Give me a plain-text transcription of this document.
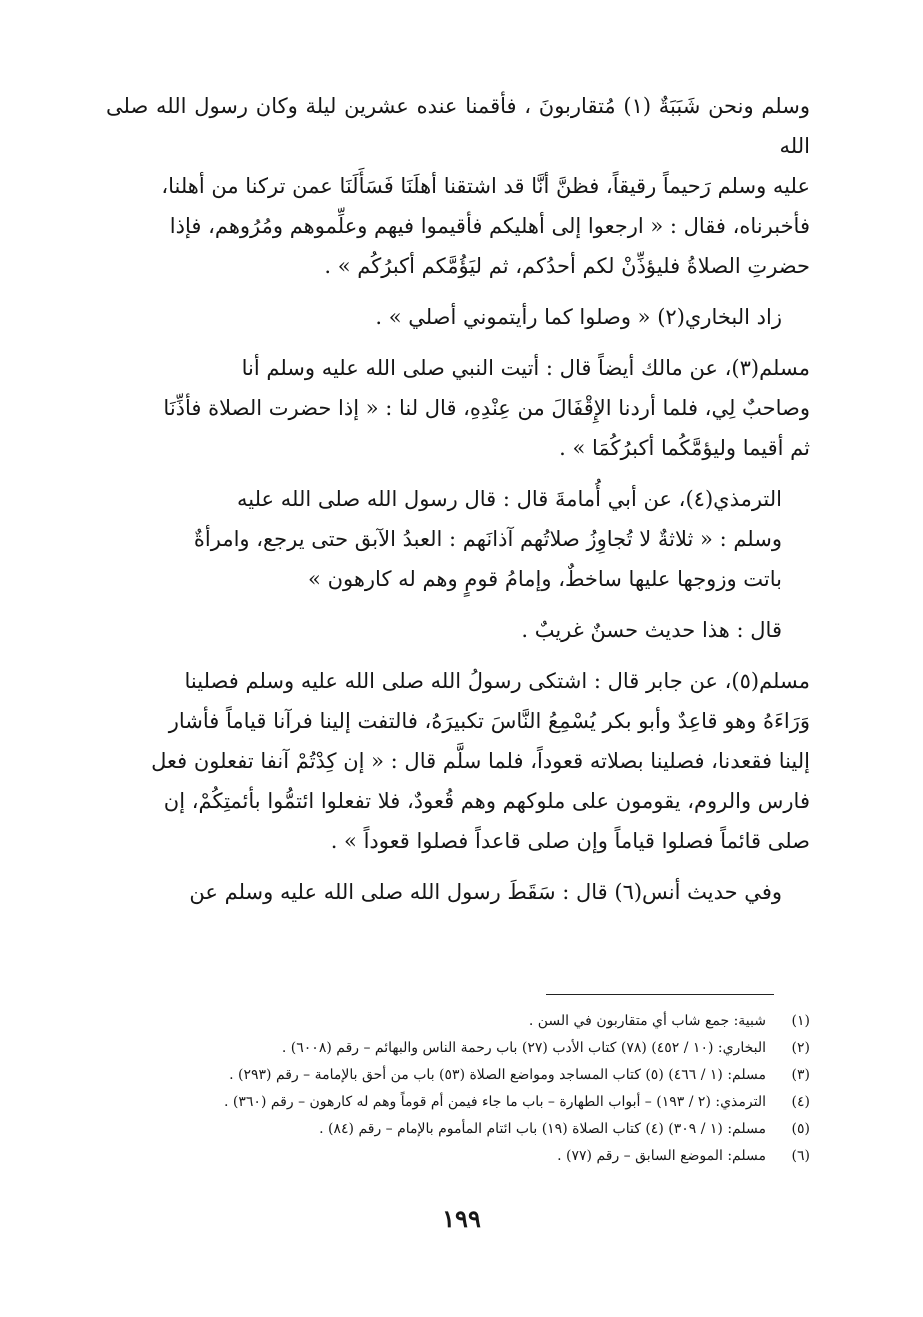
وسلم ونحن شَبَبَةٌ (١) مُتقاربونَ ، فأقمنا عنده عشرين ليلة وكان رسول الله صلى الله
عليه وسلم رَحيماً رقيقاً، فظنَّ أنَّا قد اشتقنا أهلَنَا فَسَأَلَنَا عمن تركنا من أهلنا،
فأخبرناه، فقال : « ارجعوا إلى أهليكم فأقيموا فيهم وعلِّموهم ومُرُوهم، فإذا
حضرتِ الصلاةُ فليؤذِّنْ لكم أحدُكم، ثم ليَؤُمَّكم أكبرُكُم » .

زاد البخاري(٢) « وصلوا كما رأيتموني أصلي » .

مسلم(٣)، عن مالك أيضاً قال : أتيت النبي صلى الله عليه وسلم أنا
وصاحبٌ لِي، فلما أردنا الإِقْفَالَ من عِنْدِهِ، قال لنا : « إذا حضرت الصلاة فأذِّنَا
ثم أقيما وليؤمَّكُما أكبرُكُمَا » .

الترمذي(٤)، عن أبي أُمامةَ قال : قال رسول الله صلى الله عليه
وسلم : « ثلاثةٌ لا تُجاوِزُ صلاتُهم آذانَهم : العبدُ الآبق حتى يرجع، وامرأةٌ
باتت وزوجها عليها ساخطٌ، وإمامُ قومٍ وهم له كارهون »

قال : هذا حديث حسنٌ غريبٌ .

مسلم(٥)، عن جابر قال : اشتكى رسولُ الله صلى الله عليه وسلم فصلينا
وَرَاءَهُ وهو قاعِدٌ وأبو بكر يُسْمِعُ النَّاسَ تكبيرَهُ، فالتفت إلينا فرآنا قياماً فأشار
إلينا فقعدنا، فصلينا بصلاته قعوداً، فلما سلَّم قال : « إن كِدْتُمْ آنفا تفعلون فعل
فارس والروم، يقومون على ملوكهم وهم قُعودٌ، فلا تفعلوا ائتمُّوا بأئمتِكُمْ، إن
صلى قائماً فصلوا قياماً وإن صلى قاعداً فصلوا قعوداً » .

وفي حديث أنس(٦) قال : سَقَطَ رسول الله صلى الله عليه وسلم عن

(١)
شبية: جمع شاب أي متقاربون في السن .
(٢)
البخاري: (١٠ / ٤٥٢) (٧٨) كتاب الأدب (٢٧) باب رحمة الناس والبهائم – رقم (٦٠٠٨) .
(٣)
مسلم: (١ / ٤٦٦) (٥) كتاب المساجد ومواضع الصلاة (٥٣) باب من أحق بالإمامة – رقم (٢٩٣) .
(٤)
الترمذي: (٢ / ١٩٣) – أبواب الطهارة – باب ما جاء فيمن أم قوماً وهم له كارهون – رقم (٣٦٠) .
(٥)
مسلم: (١ / ٣٠٩) (٤) كتاب الصلاة (١٩) باب ائتام المأموم بالإمام – رقم (٨٤) .
(٦)
مسلم: الموضع السابق – رقم (٧٧) .
١٩٩
